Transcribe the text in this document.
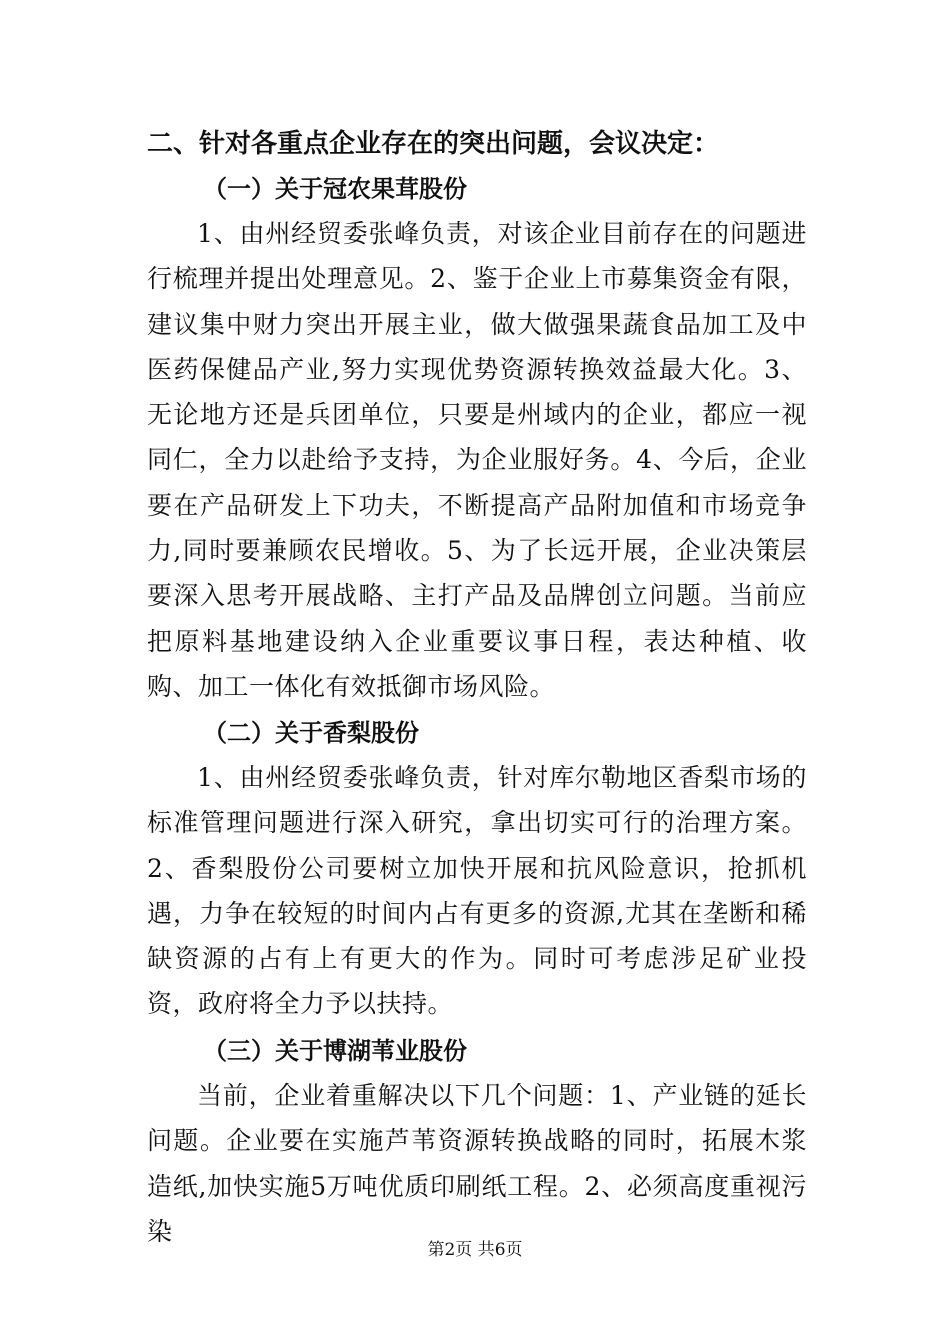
二、针对各重点企业存在的突出问题，会议决定：
（一）关于冠农果茸股份
1、由州经贸委张峰负责，对该企业目前存在的问题进行梳理并提出处理意见。2、鉴于企业上市募集资金有限，建议集中财力突出开展主业，做大做强果蔬食品加工及中医药保健品产业,努力实现优势资源转换效益最大化。3、无论地方还是兵团单位，只要是州域内的企业，都应一视同仁，全力以赴给予支持，为企业服好务。4、今后，企业要在产品研发上下功夫，不断提高产品附加值和市场竞争力,同时要兼顾农民增收。5、为了长远开展，企业决策层要深入思考开展战略、主打产品及品牌创立问题。当前应把原料基地建设纳入企业重要议事日程，表达种植、收购、加工一体化有效抵御市场风险。
（二）关于香梨股份
1、由州经贸委张峰负责，针对库尔勒地区香梨市场的标准管理问题进行深入研究，拿出切实可行的治理方案。2、香梨股份公司要树立加快开展和抗风险意识，抢抓机遇，力争在较短的时间内占有更多的资源,尤其在垄断和稀缺资源的占有上有更大的作为。同时可考虑涉足矿业投资，政府将全力予以扶持。
（三）关于博湖苇业股份
当前，企业着重解决以下几个问题：1、产业链的延长问题。企业要在实施芦苇资源转换战略的同时，拓展木浆造纸,加快实施5万吨优质印刷纸工程。2、必须高度重视污染
第2页 共6页
